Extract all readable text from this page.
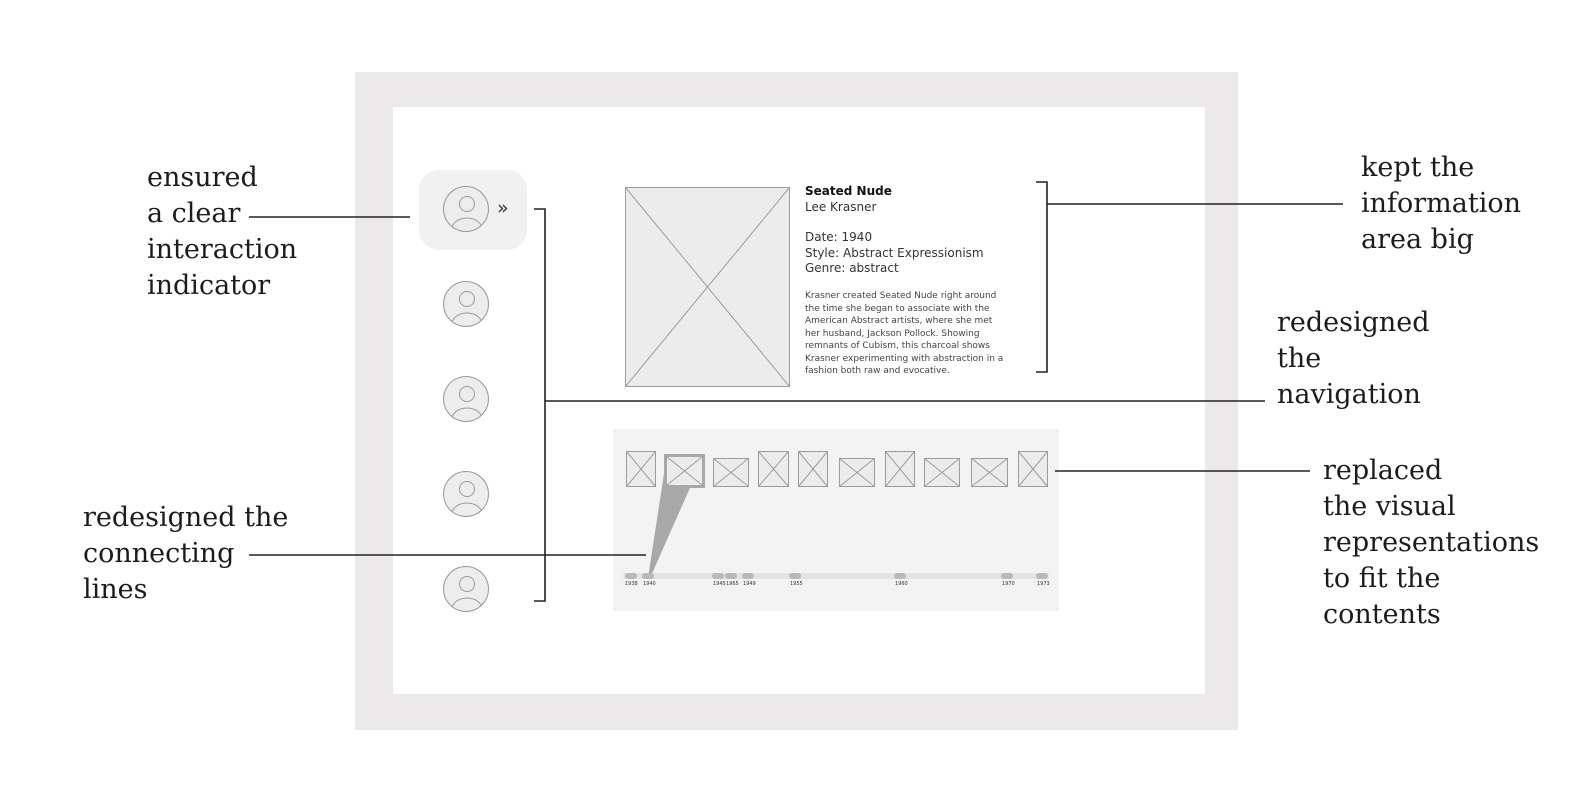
»
Seated Nude
Lee Krasner
Date: 1940
Style: Abstract Expressionism
Genre: abstract
Krasner created Seated Nude right around the time she began to associate with the American Abstract artists, where she met her husband, Jackson Pollock. Showing remnants of Cubism, this charcoal shows Krasner experimenting with abstraction in a fashion both raw and evocative.
1938 1940	1945 1965 1949	1955	1960	1970	1973
ensured
a clear
interaction
indicator
redesigned the
connecting
lines
kept the
information
area big
redesigned
the
navigation
replaced
the visual
representations
to fit the
contents
